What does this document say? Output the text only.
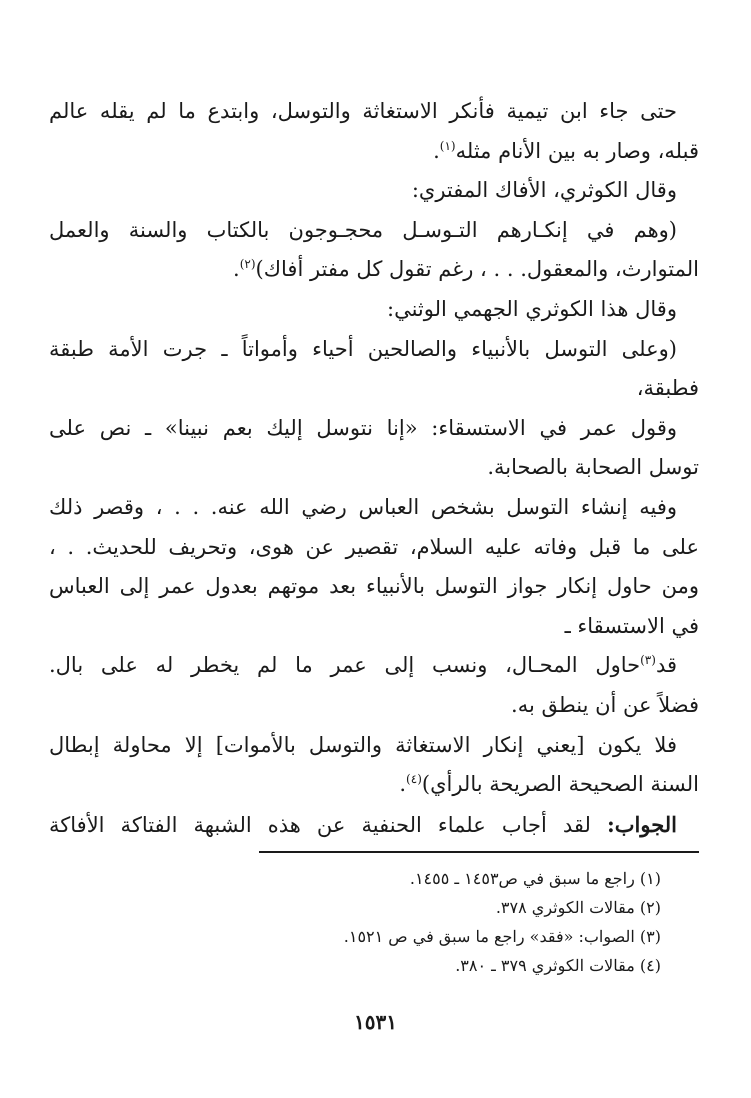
حتى جاء ابن تيمية فأنكر الاستغاثة والتوسل، وابتدع ما لم يقله عالم
قبله، وصار به بين الأنام مثله$^{(١)}$.
وقال الكوثري، الأفاك المفتري:
(وهم في إنكـارهم التـوسـل محجـوجون بالكتاب والسنة والعمل
المتوارث، والمعقول. . . ، رغم تقول كل مفتر أفاك)$^{(٢)}$.
وقال هذا الكوثري الجهمي الوثني:
(وعلى التوسل بالأنبياء والصالحين أحياء وأمواتاً ـ جرت الأمة طبقة
فطبقة،
وقول عمر في الاستسقاء: «إنا نتوسل إليك بعم نبينا» ـ نص على
توسل الصحابة بالصحابة.
وفيه إنشاء التوسل بشخص العباس رضي الله عنه. . . ، وقصر ذلك
على ما قبل وفاته عليه السلام، تقصير عن هوى، وتحريف للحديث. . ،
ومن حاول إنكار جواز التوسل بالأنبياء بعد موتهم بعدول عمر إلى العباس
في الاستسقاء ـ
قد$^{(٣)}$حاول المحـال، ونسب إلى عمر ما لم يخطر له على بال.
فضلاً عن أن ينطق به.
فلا يكون [يعني إنكار الاستغاثة والتوسل بالأموات] إلا محاولة إبطال
السنة الصحيحة الصريحة بالرأي)$^{(٤)}$.
الجواب: لقد أجاب علماء الحنفية عن هذه الشبهة الفتاكة الأفاكة
(١) راجع ما سبق في ص١٤٥٣ ـ ١٤٥٥.
(٢) مقالات الكوثري ٣٧٨.
(٣) الصواب: «فقد» راجع ما سبق في ص ١٥٢١.
(٤) مقالات الكوثري ٣٧٩ ـ ٣٨٠.
١٥٣١
